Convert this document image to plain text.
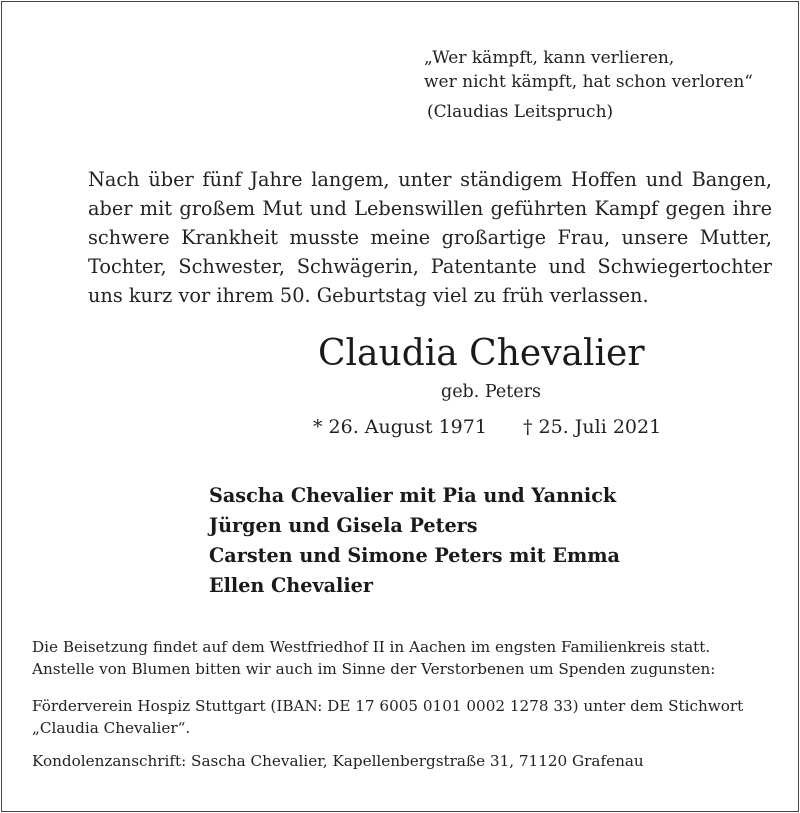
„Wer kämpft, kann verlieren,
wer nicht kämpft, hat schon verloren“

(Claudias Leitspruch)

Nach über fünf Jahre langem, unter ständigem Hoffen und Bangen,
aber mit großem Mut und Lebenswillen geführten Kampf gegen ihre
schwere Krankheit musste meine großartige Frau, unsere Mutter,
Tochter, Schwester, Schwägerin, Patentante und Schwiegertochter
uns kurz vor ihrem 50. Geburtstag viel zu früh verlassen.
Claudia Chevalier

geb. Peters

* 26. August 1971 † 25. Juli 2021

Sascha Chevalier mit Pia und Yannick
Jürgen und Gisela Peters
Carsten und Simone Peters mit Emma
Ellen Chevalier
Die Beisetzung findet auf dem Westfriedhof II in Aachen im engsten Familienkreis statt.
Anstelle von Blumen bitten wir auch im Sinne der Verstorbenen um Spenden zugunsten:
Förderverein Hospiz Stuttgart (IBAN: DE 17 6005 0101 0002 1278 33) unter dem Stichwort
„Claudia Chevalier“.

Kondolenzanschrift: Sascha Chevalier, Kapellenbergstraße 31, 71120 Grafenau
